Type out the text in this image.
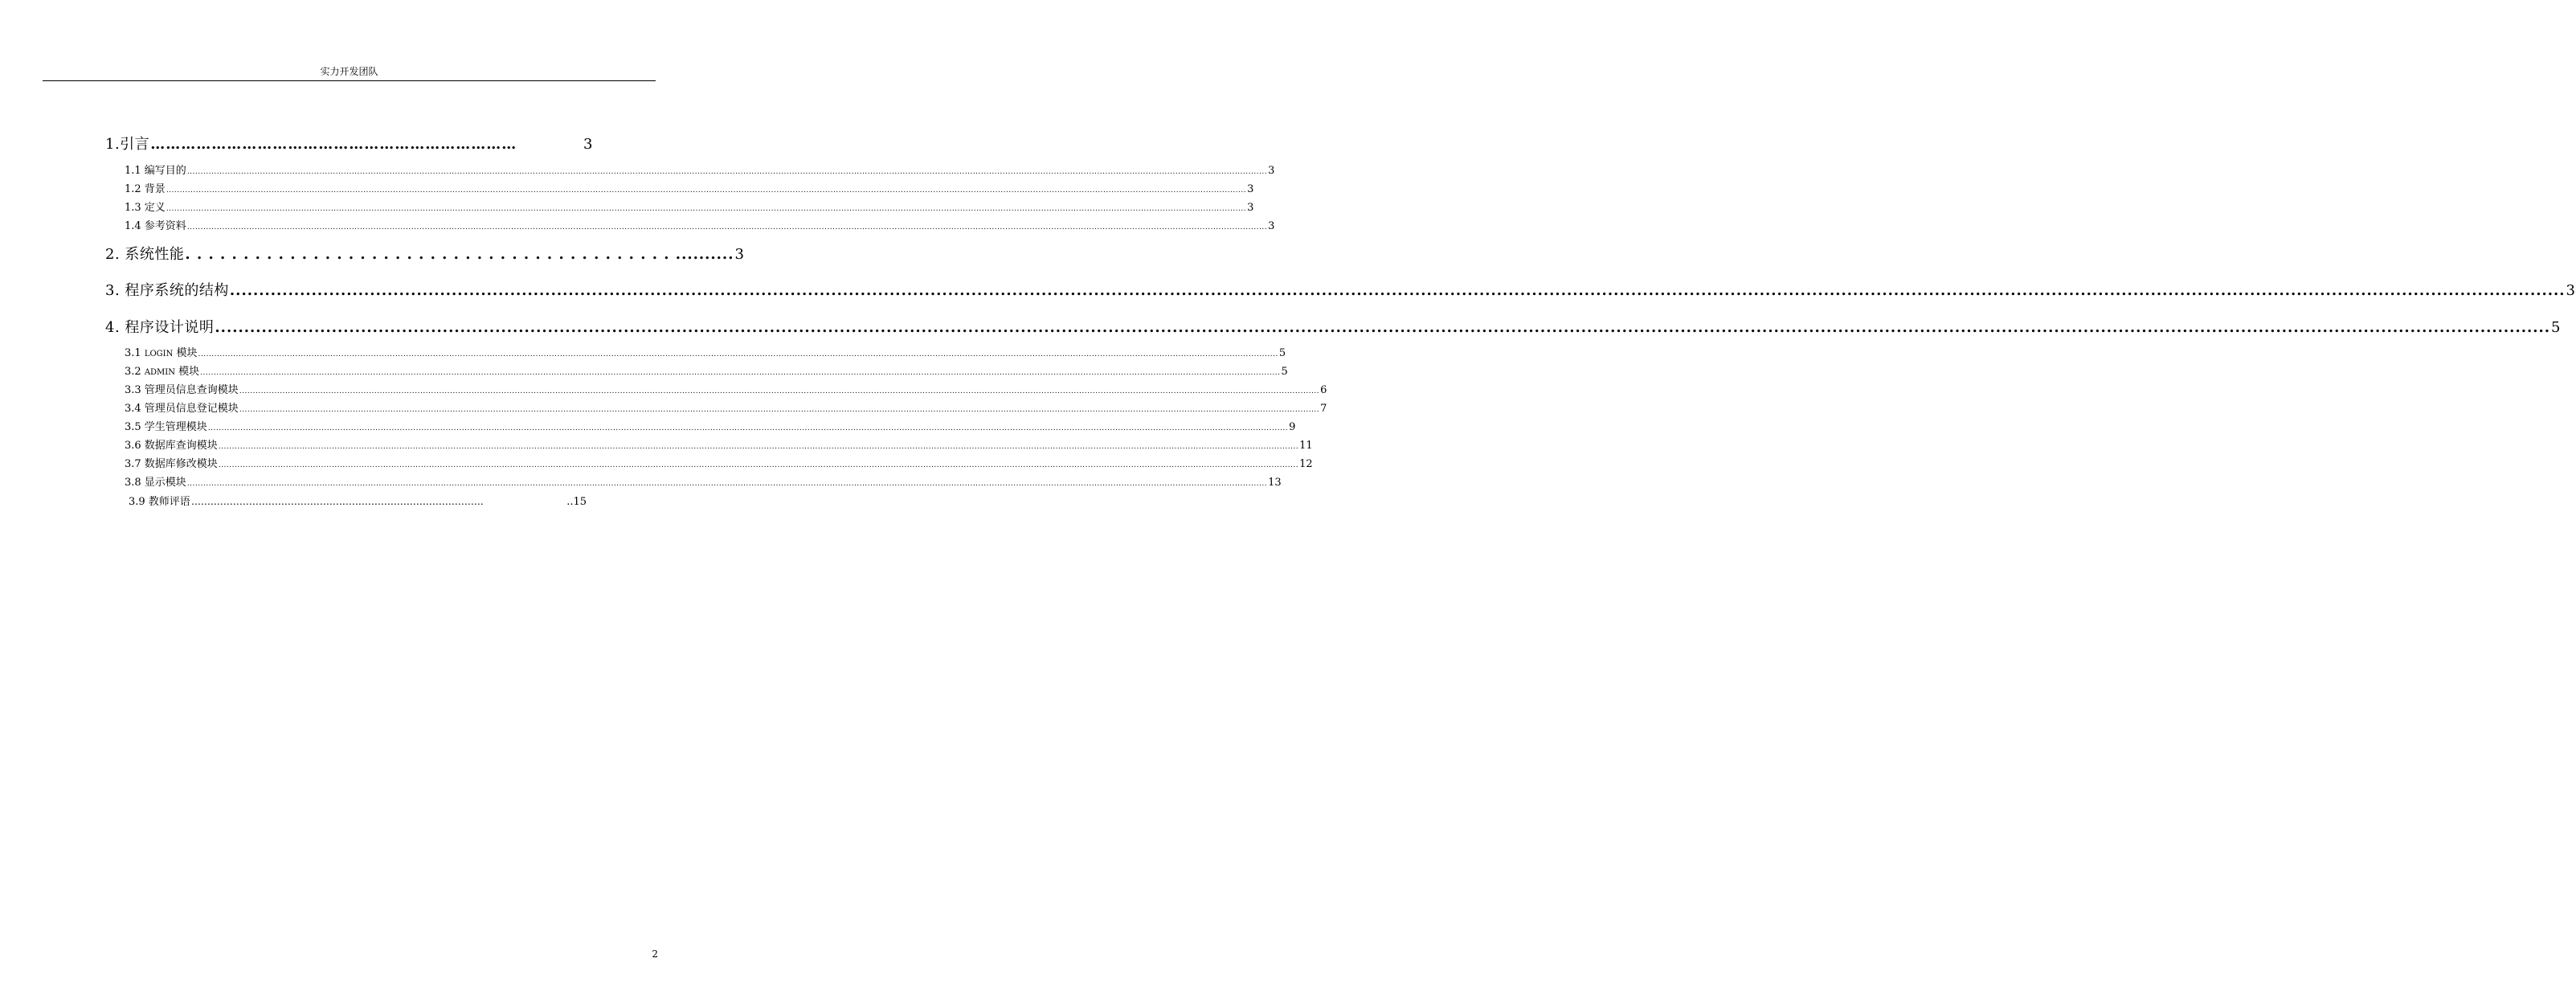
实力开发团队
1.引言 ………………………………………………………………	3
1.1 编写目的 ................................................................................................................................................................................................................................................................................................................................................................................................................ 3
1.2 背景 ................................................................................................................................................................................................................................................................................................................................................................................................................ 3
1.3 定义 ................................................................................................................................................................................................................................................................................................................................................................................................................ 3
1.4 参考资料 ................................................................................................................................................................................................................................................................................................................................................................................................................ 3
2. 系统性能 . . . . . . . . . . . . . . . . . . . . . . . . . . . . . . . . . . . . . . . . . . .......... 3
3. 程序系统的结构 ................................................................................................................................................................................................................................................................................................................................................................................................................ 3
4. 程序设计说明 ................................................................................................................................................................................................................................................................................................................................................................................................................ 5
3.1 LOGIN 模块 ................................................................................................................................................................................................................................................................................................................................................................................................................ 5
3.2 ADMIN 模块 ................................................................................................................................................................................................................................................................................................................................................................................................................ 5
3.3 管理员信息查询模块 ................................................................................................................................................................................................................................................................................................................................................................................................................ 6
3.4 管理员信息登记模块 ................................................................................................................................................................................................................................................................................................................................................................................................................ 7
3.5 学生管理模块 ................................................................................................................................................................................................................................................................................................................................................................................................................ 9
3.6 数据库查询模块 ................................................................................................................................................................................................................................................................................................................................................................................................................ 11
3.7 数据库修改模块 ................................................................................................................................................................................................................................................................................................................................................................................................................ 12
3.8 显示模块 ................................................................................................................................................................................................................................................................................................................................................................................................................ 13
3.9 教师评语 ……………………………………………………………………………….	..15
2
